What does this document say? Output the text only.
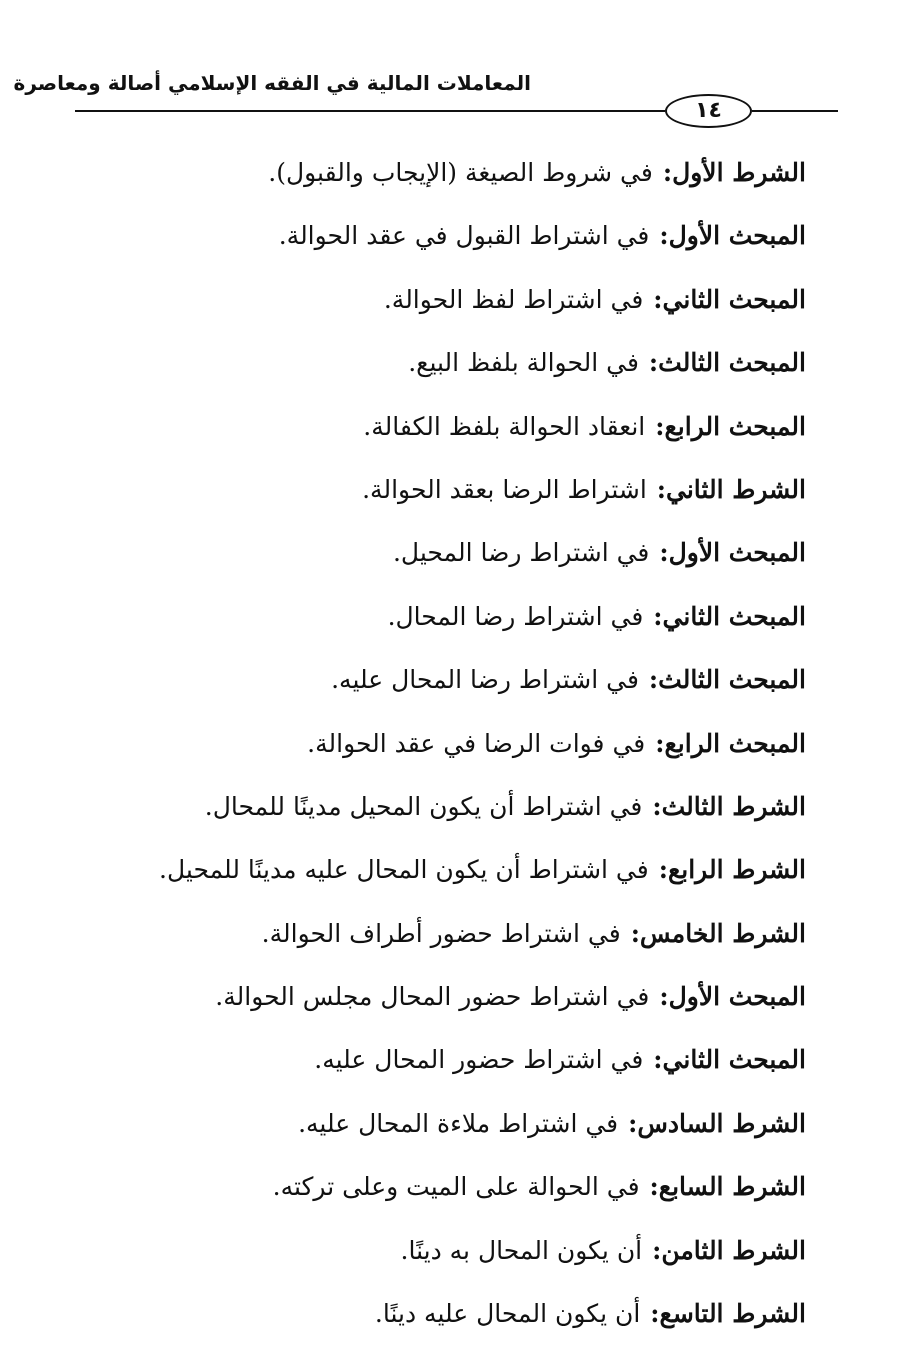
المعاملات المالية في الفقه الإسلامي أصالة ومعاصرة
١٤
الشرط الأول:في شروط الصيغة (الإيجاب والقبول).
المبحث الأول:في اشتراط القبول في عقد الحوالة.
المبحث الثاني:في اشتراط لفظ الحوالة.
المبحث الثالث:في الحوالة بلفظ البيع.
المبحث الرابع:انعقاد الحوالة بلفظ الكفالة.
الشرط الثاني:اشتراط الرضا بعقد الحوالة.
المبحث الأول:في اشتراط رضا المحيل.
المبحث الثاني:في اشتراط رضا المحال.
المبحث الثالث:في اشتراط رضا المحال عليه.
المبحث الرابع:في فوات الرضا في عقد الحوالة.
الشرط الثالث:في اشتراط أن يكون المحيل مدينًا للمحال.
الشرط الرابع:في اشتراط أن يكون المحال عليه مدينًا للمحيل.
الشرط الخامس:في اشتراط حضور أطراف الحوالة.
المبحث الأول:في اشتراط حضور المحال مجلس الحوالة.
المبحث الثاني:في اشتراط حضور المحال عليه.
الشرط السادس:في اشتراط ملاءة المحال عليه.
الشرط السابع:في الحوالة على الميت وعلى تركته.
الشرط الثامن:أن يكون المحال به دينًا.
الشرط التاسع:أن يكون المحال عليه دينًا.
